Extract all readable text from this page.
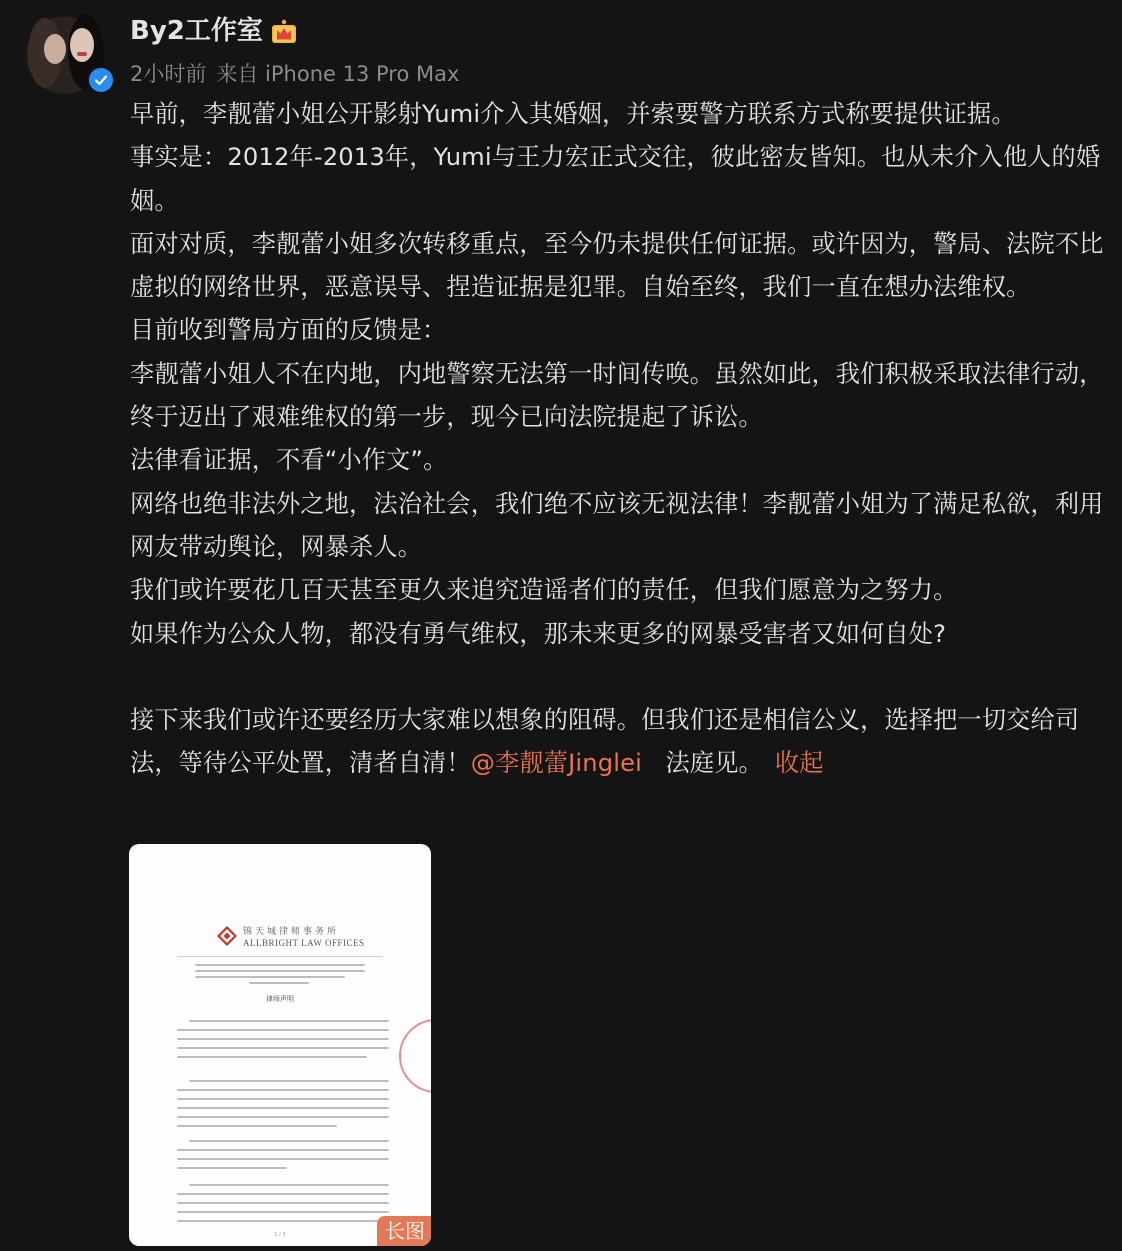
By2工作室
2小时前 来自 iPhone 13 Pro Max

早前，李靓蕾小姐公开影射Yumi介入其婚姻，并索要警方联系方式称要提供证据。

事实是：2012年-2013年，Yumi与王力宏正式交往，彼此密友皆知。也从未介入他人的婚姻。

面对对质，李靓蕾小姐多次转移重点，至今仍未提供任何证据。或许因为，警局、法院不比虚拟的网络世界，恶意误导、捏造证据是犯罪。自始至终，我们一直在想办法维权。

目前收到警局方面的反馈是：

李靓蕾小姐人不在内地，内地警察无法第一时间传唤。虽然如此，我们积极采取法律行动，终于迈出了艰难维权的第一步，现今已向法院提起了诉讼。

法律看证据，不看“小作文”。

网络也绝非法外之地，法治社会，我们绝不应该无视法律！李靓蕾小姐为了满足私欲，利用网友带动舆论，网暴杀人。

我们或许要花几百天甚至更久来追究造谣者们的责任，但我们愿意为之努力。

如果作为公众人物，都没有勇气维权，那未来更多的网暴受害者又如何自处?

接下来我们或许还要经历大家难以想象的阻碍。但我们还是相信公义，选择把一切交给司法，等待公平处置，清者自清！@李靓蕾Jinglei 法庭见。 收起

锦天城律师事务所
ALLBRIGHT LAW OFFICES
律师声明
1 / 3	长图
